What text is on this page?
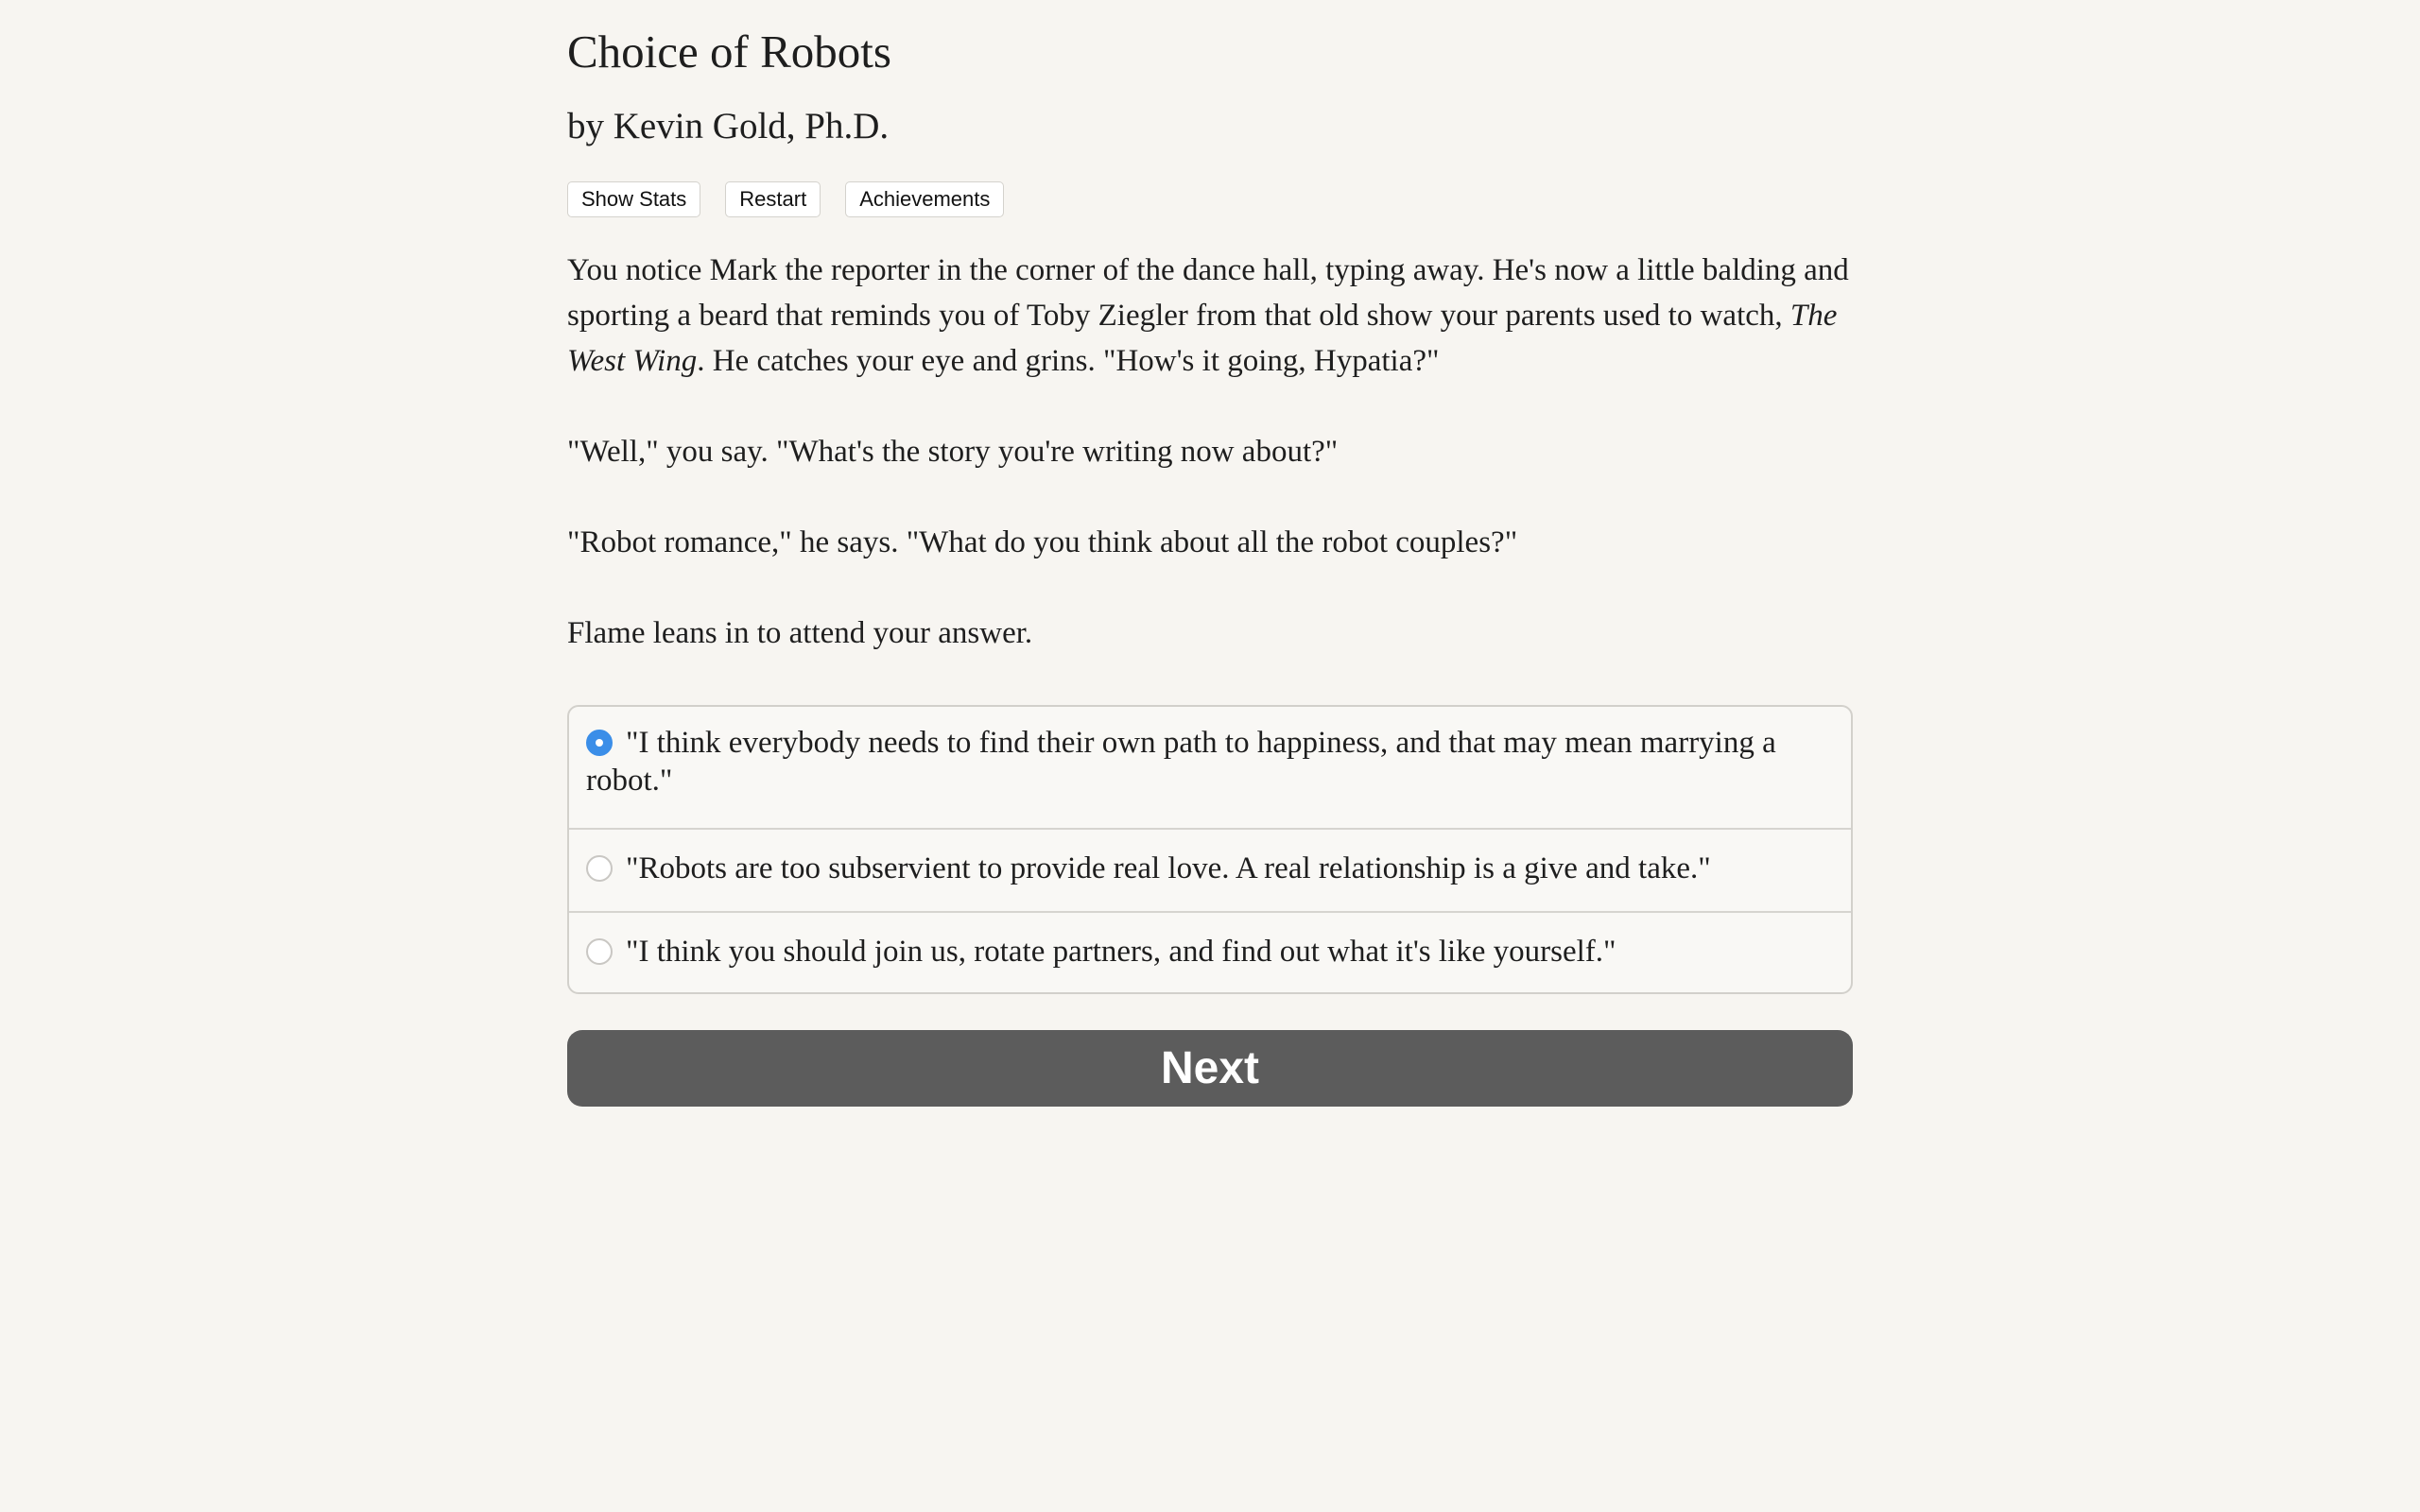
Choice of Robots

by Kevin Gold, Ph.D.

Show Stats	Restart	Achievements

You notice Mark the reporter in the corner of the dance hall, typing away. He's now a little balding and sporting a beard that reminds you of Toby Ziegler from that old show your parents used to watch, The West Wing. He catches your eye and grins. "How's it going, Hypatia?"

"Well," you say. "What's the story you're writing now about?"

"Robot romance," he says. "What do you think about all the robot couples?"

Flame leans in to attend your answer.

"I think everybody needs to find their own path to happiness, and that may mean marrying a robot."
"Robots are too subservient to provide real love. A real relationship is a give and take."
"I think you should join us, rotate partners, and find out what it's like yourself."
Next
